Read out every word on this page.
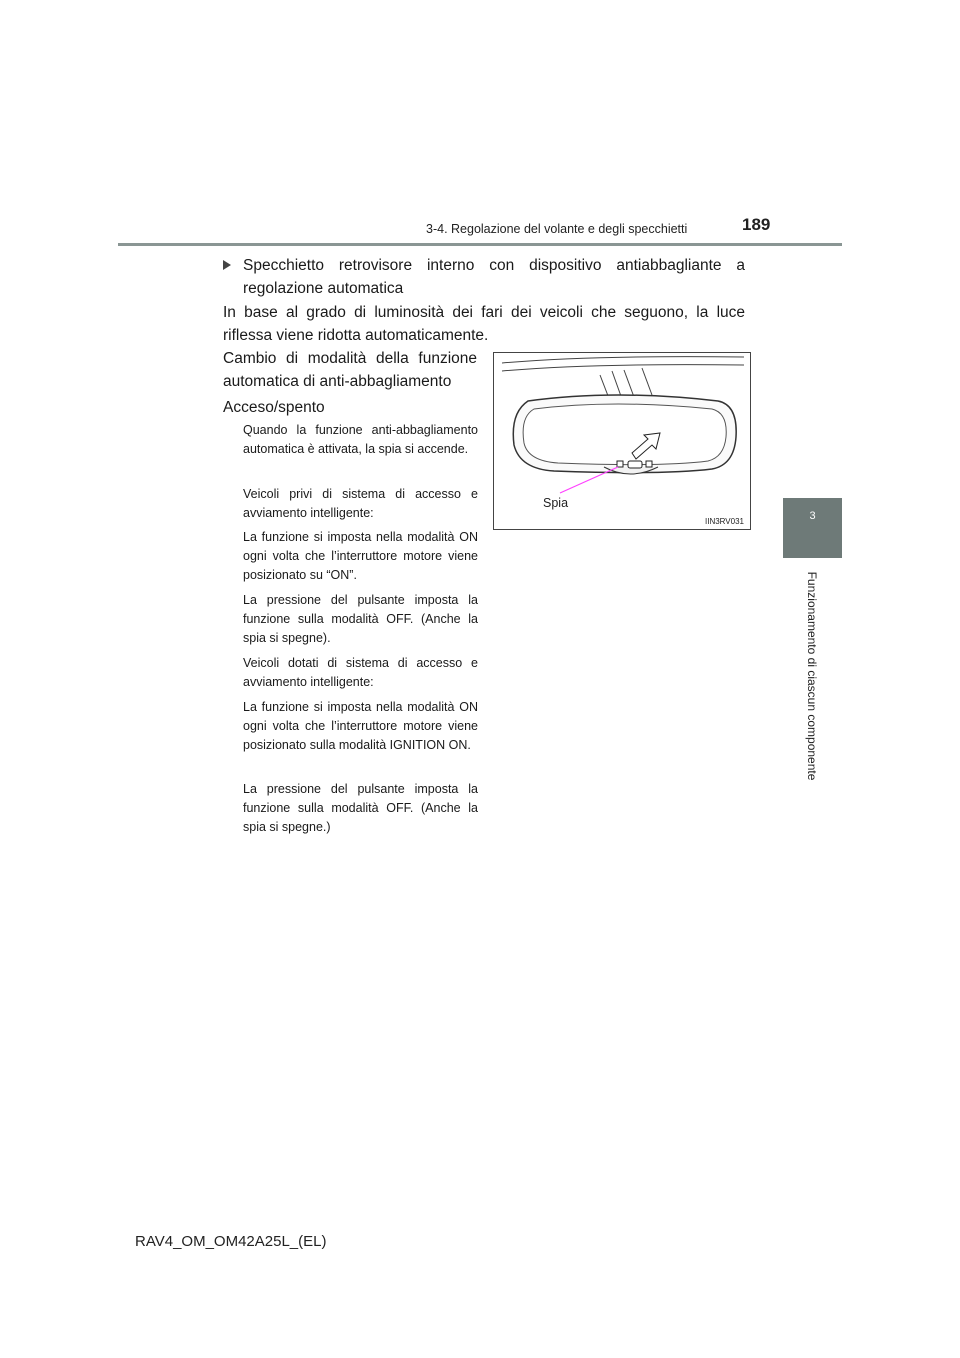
3-4. Regolazione del volante e degli specchietti	189
3
Funzionamento di ciascun componente
Specchietto retrovisore interno con dispositivo antiabbagliante a regolazione automatica
In base al grado di luminosità dei fari dei veicoli che seguono, la luce riflessa viene ridotta automaticamente.
Cambio di modalità della funzione automatica di anti-abbagliamento
Acceso/spento
Quando la funzione anti-abbagliamento automatica è attivata, la spia si accende.
Veicoli privi di sistema di accesso e avviamento intelligente:
La funzione si imposta nella modalità ON ogni volta che l’interruttore motore viene posizionato su “ON”.
La pressione del pulsante imposta la funzione sulla modalità OFF. (Anche la spia si spegne).
Veicoli dotati di sistema di accesso e avviamento intelligente:
La funzione si imposta nella modalità ON ogni volta che l’interruttore motore viene posizionato sulla modalità IGNITION ON.
La pressione del pulsante imposta la funzione sulla modalità OFF. (Anche la spia si spegne.)
Spia
IIN3RV031
RAV4_OM_OM42A25L_(EL)
